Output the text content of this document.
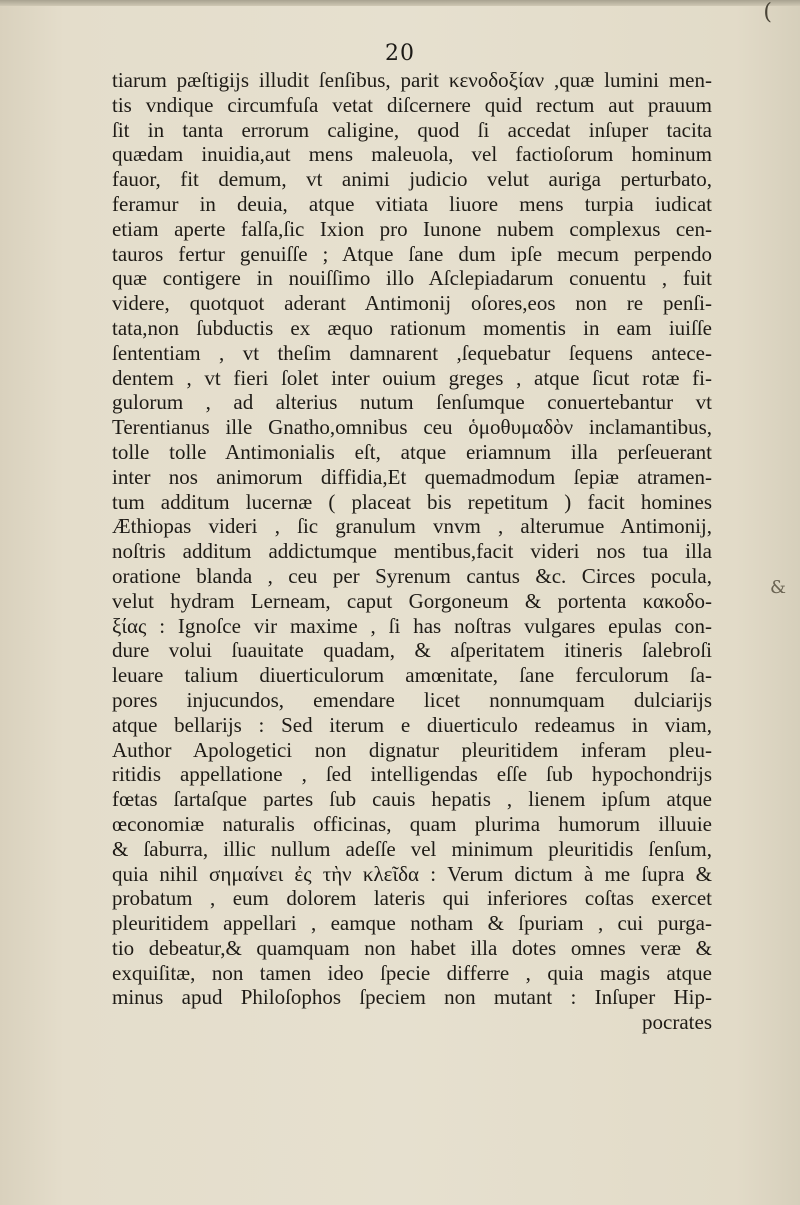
(
20
tiarum pæſtigijs illudit ſenſibus, parit κενοδοξίαν ,quæ lumini men-
tis vndique circumfuſa vetat diſcernere quid rectum aut prauum
ſit in tanta errorum caligine, quod ſi accedat inſuper tacita
quædam inuidia,aut mens maleuola, vel factioſorum hominum
fauor, fit demum, vt animi judicio velut auriga perturbato,
feramur in deuia, atque vitiata liuore mens turpia iudicat
etiam aperte falſa,ſic Ixion pro Iunone nubem complexus cen-
tauros fertur genuiſſe ; Atque ſane dum ipſe mecum perpendo
quæ contigere in nouiſſimo illo Aſclepiadarum conuentu , fuit
videre, quotquot aderant Antimonij oſores,eos non re penſi-
tata,non ſubductis ex æquo rationum momentis in eam iuiſſe
ſententiam , vt theſim damnarent ,ſequebatur ſequens antece-
dentem , vt fieri ſolet inter ouium greges , atque ſicut rotæ fi-
gulorum , ad alterius nutum ſenſumque conuertebantur vt
Terentianus ille Gnatho,omnibus ceu ὁμοθυμαδὸν inclamantibus,
tolle tolle Antimonialis eſt, atque eriamnum illa perſeuerant
inter nos animorum diffidia,Et quemadmodum ſepiæ atramen-
tum additum lucernæ ( placeat bis repetitum ) facit homines
Æthiopas videri , ſic granulum vnvm , alterumue Antimonij,
noſtris additum addictumque mentibus,facit videri nos tua illa
oratione blanda , ceu per Syrenum cantus &c. Circes pocula,
velut hydram Lerneam, caput Gorgoneum & portenta κακοδο-
ξίας : Ignoſce vir maxime , ſi has noſtras vulgares epulas con-
dure volui ſuauitate quadam, & aſperitatem itineris ſalebroſi
leuare talium diuerticulorum amœnitate, ſane ferculorum ſa-
pores injucundos, emendare licet nonnumquam dulciarijs
atque bellarijs : Sed iterum e diuerticulo redeamus in viam,
Author Apologetici non dignatur pleuritidem inferam pleu-
ritidis appellatione , ſed intelligendas eſſe ſub hypochondrijs
fœtas ſartaſque partes ſub cauis hepatis , lienem ipſum atque
œconomiæ naturalis officinas, quam plurima humorum illuuie
& ſaburra, illic nullum adeſſe vel minimum pleuritidis ſenſum,
quia nihil σημαίνει ἐς τὴν κλεῖδα : Verum dictum à me ſupra &
probatum , eum dolorem lateris qui inferiores coſtas exercet
pleuritidem appellari , eamque notham & ſpuriam , cui purga-
tio debeatur,& quamquam non habet illa dotes omnes veræ &
exquiſitæ, non tamen ideo ſpecie differre , quia magis atque
minus apud Philoſophos ſpeciem non mutant : Inſuper Hip-
pocrates
&
